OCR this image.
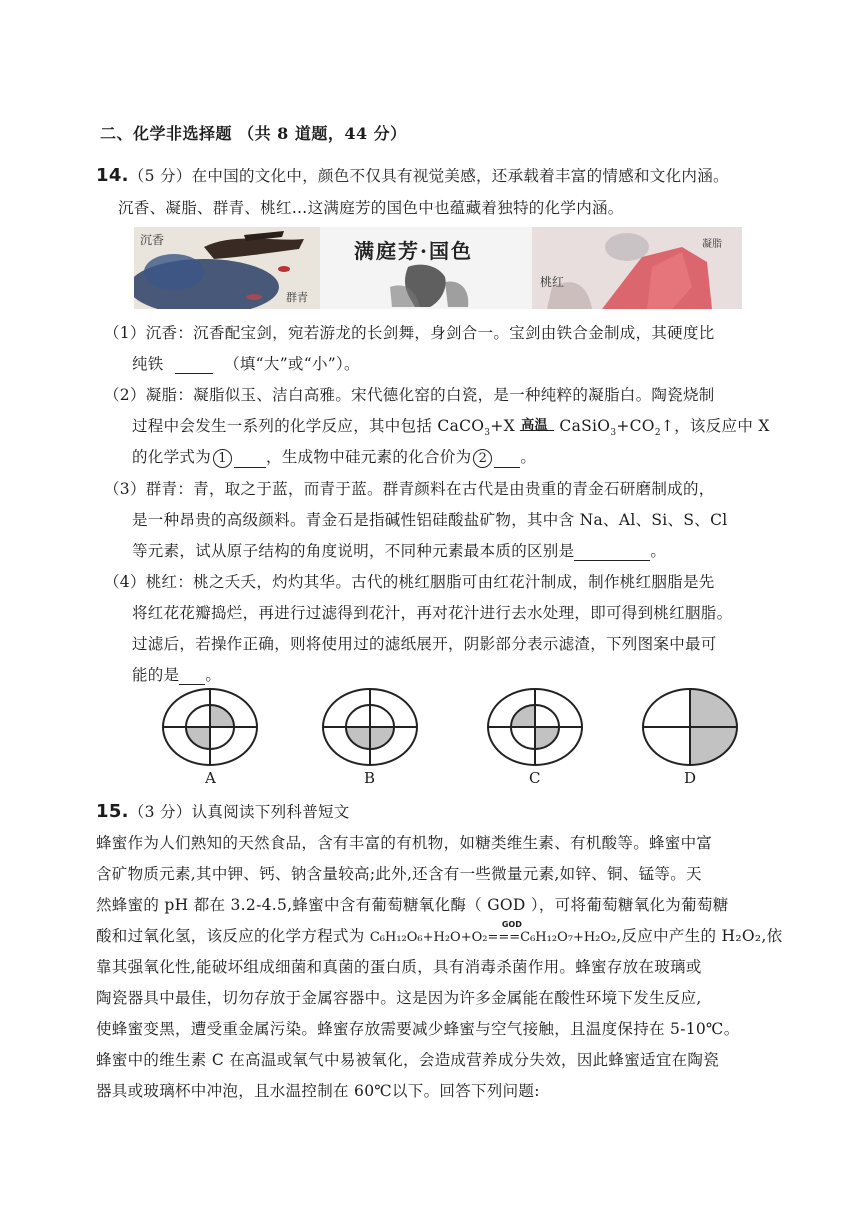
二、化学非选择题 （共 8 道题，44 分）
14.（5 分）在中国的文化中，颜色不仅具有视觉美感，还承载着丰富的情感和文化内涵。
沉香、凝脂、群青、桃红…这满庭芳的国色中也蕴藏着独特的化学内涵。
沉香
群青
满庭芳·国色	凝脂
桃红
（1）沉香：沉香配宝剑，宛若游龙的长剑舞，身剑合一。宝剑由铁合金制成，其硬度比
纯铁	（填“大”或“小”）。
（2）凝脂：凝脂似玉、洁白高雅。宋代德化窑的白瓷，是一种纯粹的凝脂白。陶瓷烧制
过程中会发生一系列的化学反应，其中包括 CaCO$_3$+X 高温 $CaSiO_3+CO_2↑$，该反应中 X
的化学式为 1	，生成物中硅元素的化合价为 2 。
（3）群青：青，取之于蓝，而青于蓝。群青颜料在古代是由贵重的青金石研磨制成的，
是一种昂贵的高级颜料。青金石是指碱性铝硅酸盐矿物，其中含 Na、Al、Si、S、Cl
等元素，试从原子结构的角度说明，不同种元素最本质的区别是	。
（4）桃红：桃之夭夭，灼灼其华。古代的桃红胭脂可由红花汁制成，制作桃红胭脂是先
将红花花瓣捣烂，再进行过滤得到花汁，再对花汁进行去水处理，即可得到桃红胭脂。
过滤后，若操作正确，则将使用过的滤纸展开，阴影部分表示滤渣，下列图案中最可
能的是 。
A	B	C	D
15.（3 分）认真阅读下列科普短文
蜂蜜作为人们熟知的天然食品，含有丰富的有机物，如糖类维生素、有机酸等。蜂蜜中富
含矿物质元素,其中钾、钙、钠含量较高;此外,还含有一些微量元素,如锌、铜、锰等。天
然蜂蜜的 pH 都在 3.2-4.5,蜂蜜中含有葡萄糖氧化酶（ GOD ），可将葡萄糖氧化为葡萄糖
酸和过氧化氢，该反应的化学方程式为
GOD
C₆H₁₂O₆+H₂O+O₂===C₆H₁₂O₇+H₂O₂,反应中产生的 H₂O₂,依
靠其强氧化性,能破坏组成细菌和真菌的蛋白质，具有消毒杀菌作用。蜂蜜存放在玻璃或
陶瓷器具中最佳，切勿存放于金属容器中。这是因为许多金属能在酸性环境下发生反应,
使蜂蜜变黑，遭受重金属污染。蜂蜜存放需要减少蜂蜜与空气接触，且温度保持在 5-10℃。
蜂蜜中的维生素 C 在高温或氧气中易被氧化，会造成营养成分失效，因此蜂蜜适宜在陶瓷
器具或玻璃杯中冲泡，且水温控制在 60℃以下。回答下列问题:
